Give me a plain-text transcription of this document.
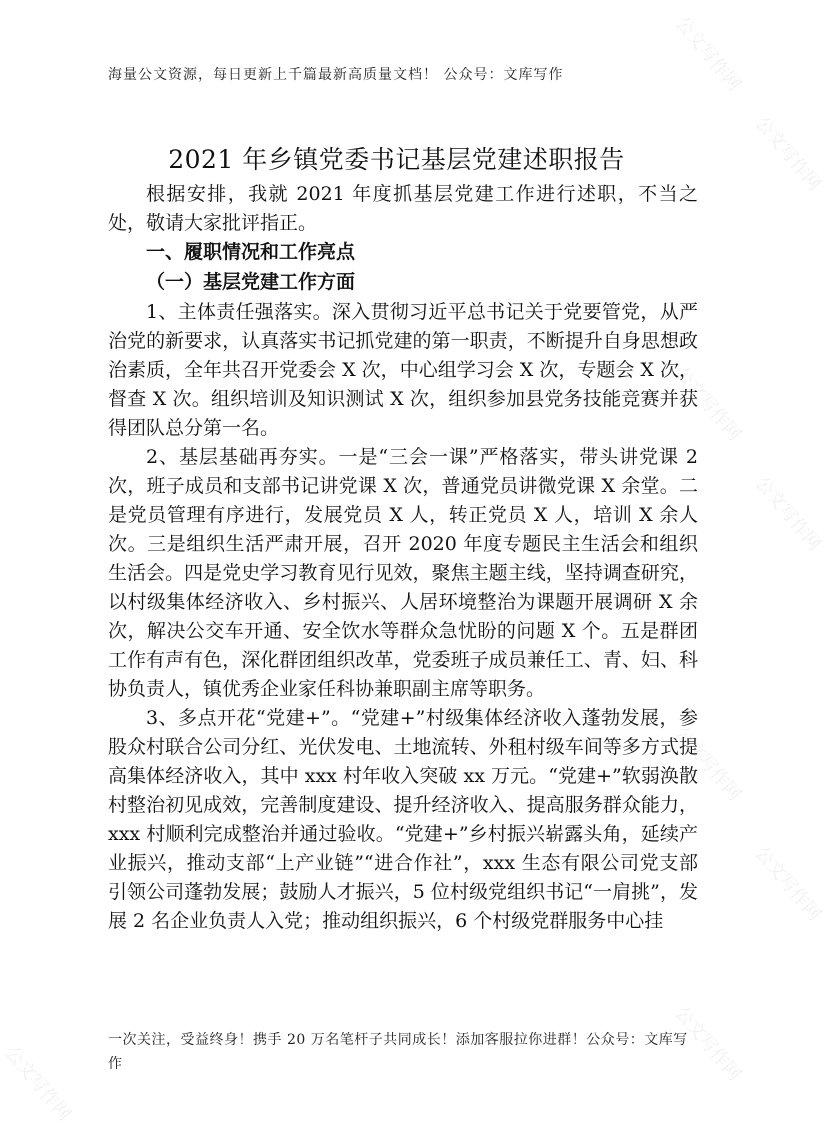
公文写作网
公文写作网
公文写作网
公文写作网
公文写作网
公文写作网
公文写作网
公文写作网
海量公文资源，每日更新上千篇最新高质量文档！ 公众号：文库写作
2021 年乡镇党委书记基层党建述职报告

根据安排，我就 2021 年度抓基层党建工作进行述职，不当之处，敬请大家批评指正。

一、履职情况和工作亮点

（一）基层党建工作方面

1、主体责任强落实。深入贯彻习近平总书记关于党要管党，从严治党的新要求，认真落实书记抓党建的第一职责，不断提升自身思想政治素质，全年共召开党委会 X 次，中心组学习会 X 次，专题会 X 次，督查 X 次。组织培训及知识测试 X 次，组织参加县党务技能竞赛并获得团队总分第一名。

2、基层基础再夯实。一是“三会一课”严格落实，带头讲党课 2 次，班子成员和支部书记讲党课 X 次，普通党员讲微党课 X 余堂。二是党员管理有序进行，发展党员 X 人，转正党员 X 人，培训 X 余人次。三是组织生活严肃开展，召开 2020 年度专题民主生活会和组织生活会。四是党史学习教育见行见效，聚焦主题主线，坚持调查研究，以村级集体经济收入、乡村振兴、人居环境整治为课题开展调研 X 余次，解决公交车开通、安全饮水等群众急忧盼的问题 X 个。五是群团工作有声有色，深化群团组织改革，党委班子成员兼任工、青、妇、科协负责人，镇优秀企业家任科协兼职副主席等职务。

3、多点开花“党建+”。“党建+”村级集体经济收入蓬勃发展，参股众村联合公司分红、光伏发电、土地流转、外租村级车间等多方式提高集体经济收入，其中 xxx 村年收入突破 xx 万元。“党建+”软弱涣散村整治初见成效，完善制度建设、提升经济收入、提高服务群众能力，xxx 村顺利完成整治并通过验收。“党建+”乡村振兴崭露头角，延续产业振兴，推动支部“上产业链”“进合作社”，xxx 生态有限公司党支部引领公司蓬勃发展；鼓励人才振兴，5 位村级党组织书记“一肩挑”，发展 2 名企业负责人入党；推动组织振兴，6 个村级党群服务中心挂

一次关注，受益终身！携手 20 万名笔杆子共同成长！添加客服拉你进群！公众号：文库写作
